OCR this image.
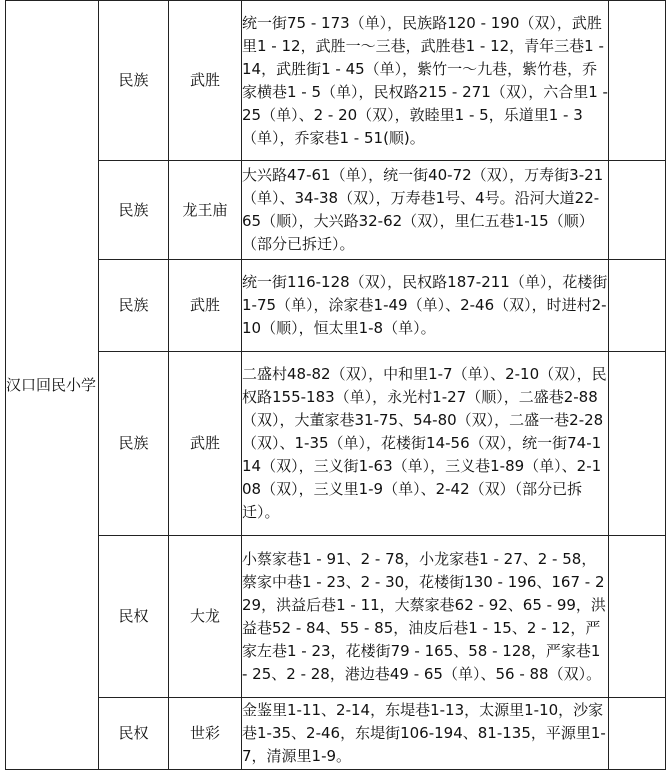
汉口回民小学	民族	武胜	统一街75 - 173（单），民族路120 - 190（双），武胜里1 - 12，武胜一～三巷，武胜巷1 - 12，青年三巷1 - 14，武胜街1 - 45（单），紫竹一～九巷，紫竹巷，乔家横巷1 - 5（单），民权路215 - 271（双），六合里1 - 25（单）、2 - 20（双），敦睦里1 - 5，乐道里1 - 3（单），乔家巷1 - 51(顺)。	
	民族	龙王庙	大兴路47-61（单），统一街40-72（双），万寿街3-21（单）、34-38（双），万寿巷1号、4号。沿河大道22-65（顺），大兴路32-62（双），里仁五巷1-15（顺）（部分已拆迁）。	
	民族	武胜	统一街116-128（双），民权路187-211（单），花楼街1-75（单），涂家巷1-49（单）、2-46（双），时进村2-10（顺），恒太里1-8（单）。	
	民族	武胜	二盛村48-82（双），中和里1-7（单）、2-10（双），民权路155-183（单），永光村1-27（顺），二盛巷2-88（双），大董家巷31-75、54-80（双），二盛一巷2-28（双）、1-35（单），花楼街14-56（双），统一街74-114（双），三义街1-63（单），三义巷1-89（单）、2-108（双），三义里1-9（单）、2-42（双）（部分已拆迁）。	
	民权	大龙	小蔡家巷1 - 91、2 - 78，小龙家巷1 - 27、2 - 58，蔡家中巷1 - 23、2 - 30，花楼街130 - 196、167 - 229，洪益后巷1 - 11，大蔡家巷62 - 92、65 - 99，洪益巷52 - 84、55 - 85，油皮后巷1 - 15、2 - 12，严家左巷1 - 23，花楼街79 - 165、58 - 128，严家巷1 - 25、2 - 28，港边巷49 - 65（单）、56 - 88（双）。	
	民权	世彩	金鉴里1-11、2-14，东堤巷1-13，太源里1-10，沙家巷1-35、2-46，东堤街106-194、81-135，平源里1-7，清源里1-9。	
